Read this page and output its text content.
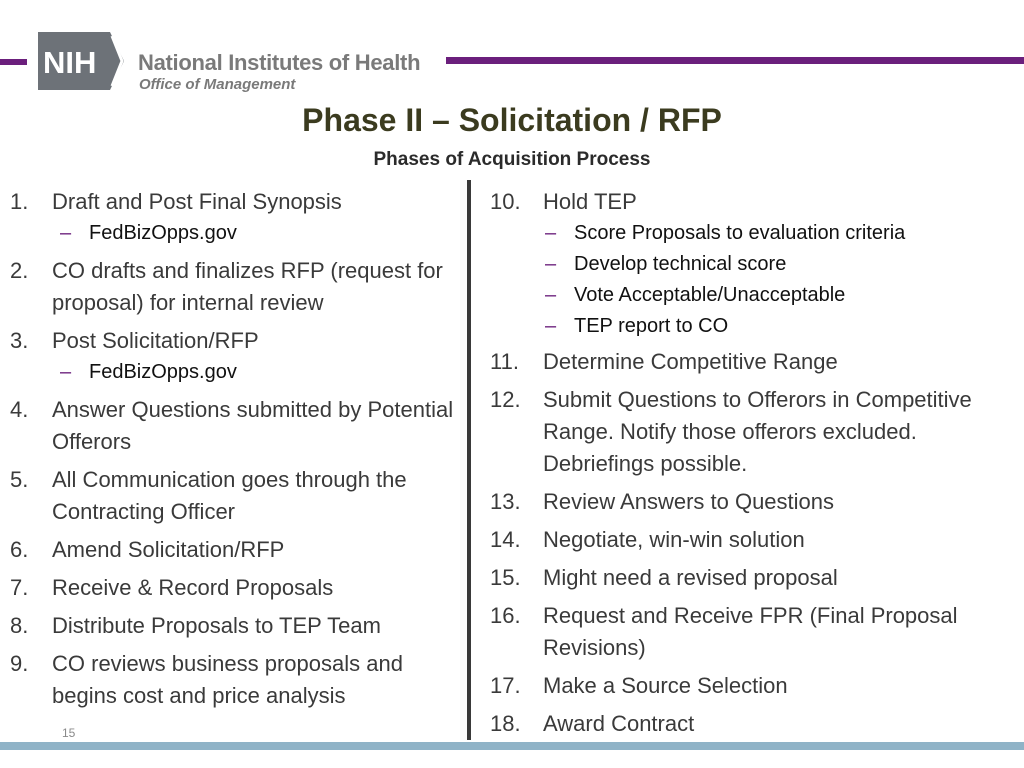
NIH National Institutes of Health
Office of Management
Phase II – Solicitation / RFP
Phases of Acquisition Process
1.	Draft and Post Final Synopsis
– FedBizOpps.gov
2.	CO drafts and finalizes RFP (request for proposal) for internal review
3.	Post Solicitation/RFP
– FedBizOpps.gov
4.	Answer Questions submitted by Potential Offerors
5.	All Communication goes through the Contracting Officer
6.	Amend Solicitation/RFP
7.	Receive & Record Proposals
8.	Distribute Proposals to TEP Team
9.	CO reviews business proposals and begins cost and price analysis
10.	Hold TEP
– Score Proposals to evaluation criteria
– Develop technical score
– Vote Acceptable/Unacceptable
– TEP report to CO
11.	Determine Competitive Range
12.	Submit Questions to Offerors in Competitive Range. Notify those offerors excluded. Debriefings possible.
13.	Review Answers to Questions
14.	Negotiate, win-win solution
15.	Might need a revised proposal
16.	Request and Receive FPR (Final Proposal Revisions)
17.	Make a Source Selection
18.	Award Contract
15
